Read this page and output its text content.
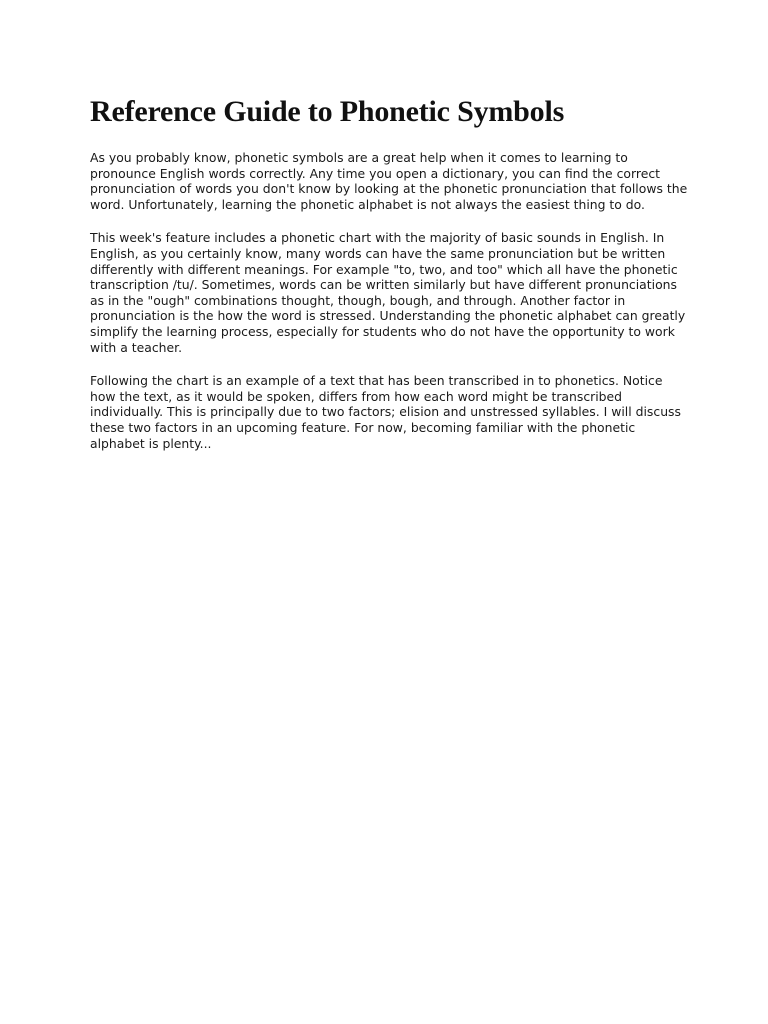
Reference Guide to Phonetic Symbols

As you probably know, phonetic symbols are a great help when it comes to learning to pronounce English words correctly. Any time you open a dictionary, you can find the correct pronunciation of words you don't know by looking at the phonetic pronunciation that follows the word. Unfortunately, learning the phonetic alphabet is not always the easiest thing to do.

This week's feature includes a phonetic chart with the majority of basic sounds in English. In English, as you certainly know, many words can have the same pronunciation but be written differently with different meanings. For example "to, two, and too" which all have the phonetic transcription /tu/. Sometimes, words can be written similarly but have different pronunciations as in the "ough" combinations thought, though, bough, and through. Another factor in pronunciation is the how the word is stressed. Understanding the phonetic alphabet can greatly simplify the learning process, especially for students who do not have the opportunity to work with a teacher.

Following the chart is an example of a text that has been transcribed in to phonetics. Notice how the text, as it would be spoken, differs from how each word might be transcribed individually. This is principally due to two factors; elision and unstressed syllables. I will discuss these two factors in an upcoming feature. For now, becoming familiar with the phonetic alphabet is plenty...
